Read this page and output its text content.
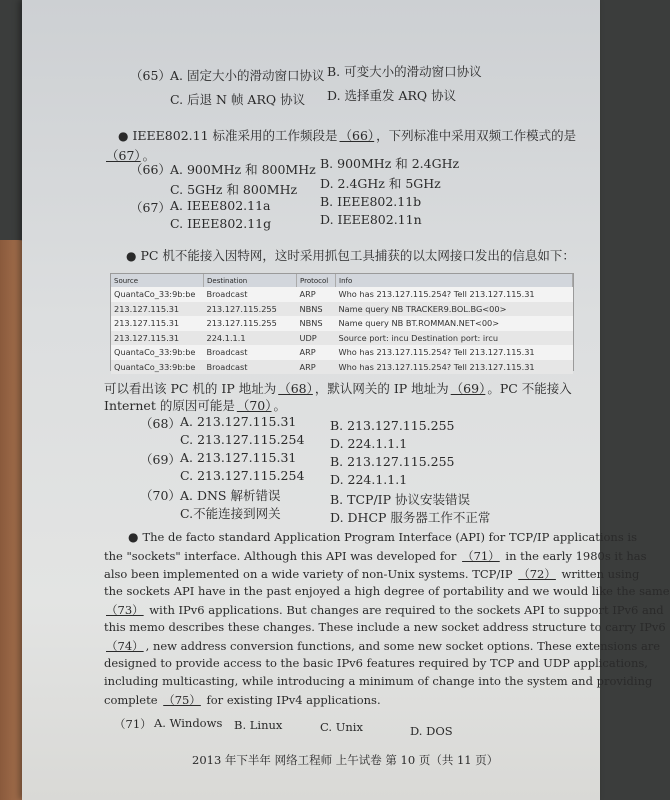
（65） A. 固定大小的滑动窗口协议 B. 可变大小的滑动窗口协议
C. 后退 N 帧 ARQ 协议 D. 选择重发 ARQ 协议
● IEEE802.11 标准采用的工作频段是 （66） ，下列标准中采用双频工作模式的是
（67） 。
（66） A. 900MHz 和 800MHz B. 900MHz 和 2.4GHz
C. 5GHz 和 800MHz D. 2.4GHz 和 5GHz
（67） A. IEEE802.11a	B. IEEE802.11b
C. IEEE802.11g	D. IEEE802.11n
● PC 机不能接入因特网，这时采用抓包工具捕获的以太网接口发出的信息如下：
Source	Destination	Protocol	Info
QuantaCo_33:9b:be	Broadcast	ARP	Who has 213.127.115.254? Tell 213.127.115.31
213.127.115.31	213.127.115.255	NBNS	Name query NB TRACKER9.BOL.BG<00>
213.127.115.31	213.127.115.255	NBNS	Name query NB BT.ROMMAN.NET<00>
213.127.115.31	224.1.1.1	UDP	Source port: incu Destination port: ircu
QuantaCo_33:9b:be	Broadcast	ARP	Who has 213.127.115.254? Tell 213.127.115.31
QuantaCo_33:9b:be	Broadcast	ARP	Who has 213.127.115.254? Tell 213.127.115.31
可以看出该 PC 机的 IP 地址为 （68） ，默认网关的 IP 地址为 （69） 。PC 不能接入
Internet 的原因可能是 （70） 。
（68） A. 213.127.115.31	B. 213.127.115.255
C. 213.127.115.254 D. 224.1.1.1
（69） A. 213.127.115.31	B. 213.127.115.255
C. 213.127.115.254 D. 224.1.1.1
（70） A. DNS 解析错误	B. TCP/IP 协议安装错误
C.不能连接到网关	D. DHCP 服务器工作不正常
● The de facto standard Application Program Interface (API) for TCP/IP applications is
the "sockets" interface. Although this API was developed for （71） in the early 1980s it has
also been implemented on a wide variety of non-Unix systems. TCP/IP （72） written using
the sockets API have in the past enjoyed a high degree of portability and we would like the same
（73） with IPv6 applications. But changes are required to the sockets API to support IPv6 and
this memo describes these changes. These include a new socket address structure to carry IPv6
（74） , new address conversion functions, and some new socket options. These extensions are
designed to provide access to the basic IPv6 features required by TCP and UDP applications,
including multicasting, while introducing a minimum of change into the system and providing
complete （75） for existing IPv4 applications.
（71） A. Windows B. Linux	C. Unix	D. DOS
2013 年下半年 网络工程师 上午试卷 第 10 页（共 11 页）
